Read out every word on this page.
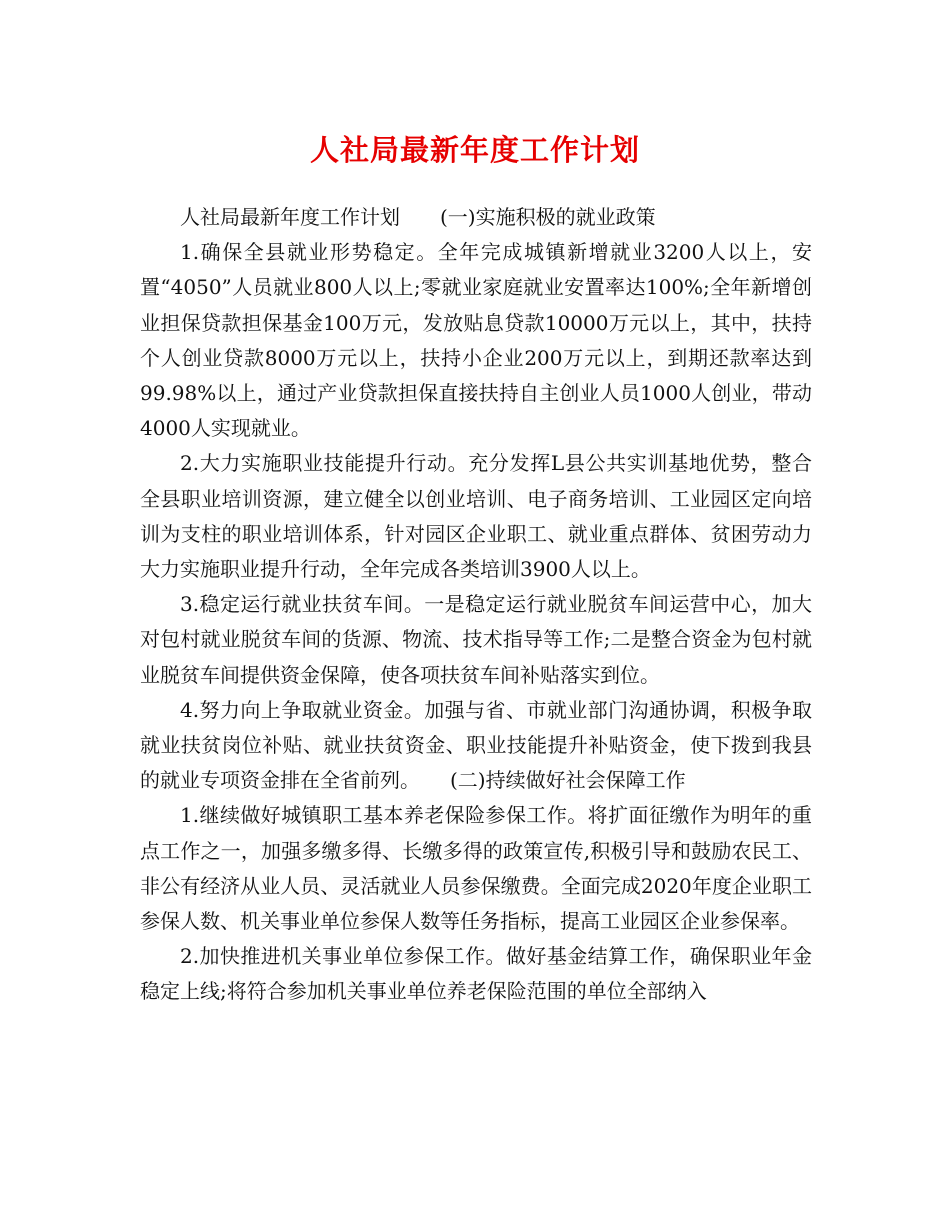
人社局最新年度工作计划

人社局最新年度工作计划　　(一)实施积极的就业政策

1.确保全县就业形势稳定。全年完成城镇新增就业3200人以上，安置“4050”人员就业800人以上;零就业家庭就业安置率达100%;全年新增创业担保贷款担保基金100万元，发放贴息贷款10000万元以上，其中，扶持个人创业贷款8000万元以上，扶持小企业200万元以上，到期还款率达到99.98%以上，通过产业贷款担保直接扶持自主创业人员1000人创业，带动4000人实现就业。

2.大力实施职业技能提升行动。充分发挥L县公共实训基地优势，整合全县职业培训资源，建立健全以创业培训、电子商务培训、工业园区定向培训为支柱的职业培训体系，针对园区企业职工、就业重点群体、贫困劳动力大力实施职业提升行动，全年完成各类培训3900人以上。

3.稳定运行就业扶贫车间。一是稳定运行就业脱贫车间运营中心，加大对包村就业脱贫车间的货源、物流、技术指导等工作;二是整合资金为包村就业脱贫车间提供资金保障，使各项扶贫车间补贴落实到位。

4.努力向上争取就业资金。加强与省、市就业部门沟通协调，积极争取就业扶贫岗位补贴、就业扶贫资金、职业技能提升补贴资金，使下拨到我县的就业专项资金排在全省前列。　　(二)持续做好社会保障工作

1.继续做好城镇职工基本养老保险参保工作。将扩面征缴作为明年的重点工作之一，加强多缴多得、长缴多得的政策宣传,积极引导和鼓励农民工、非公有经济从业人员、灵活就业人员参保缴费。全面完成2020年度企业职工参保人数、机关事业单位参保人数等任务指标，提高工业园区企业参保率。

2.加快推进机关事业单位参保工作。做好基金结算工作，确保职业年金稳定上线;将符合参加机关事业单位养老保险范围的单位全部纳入
